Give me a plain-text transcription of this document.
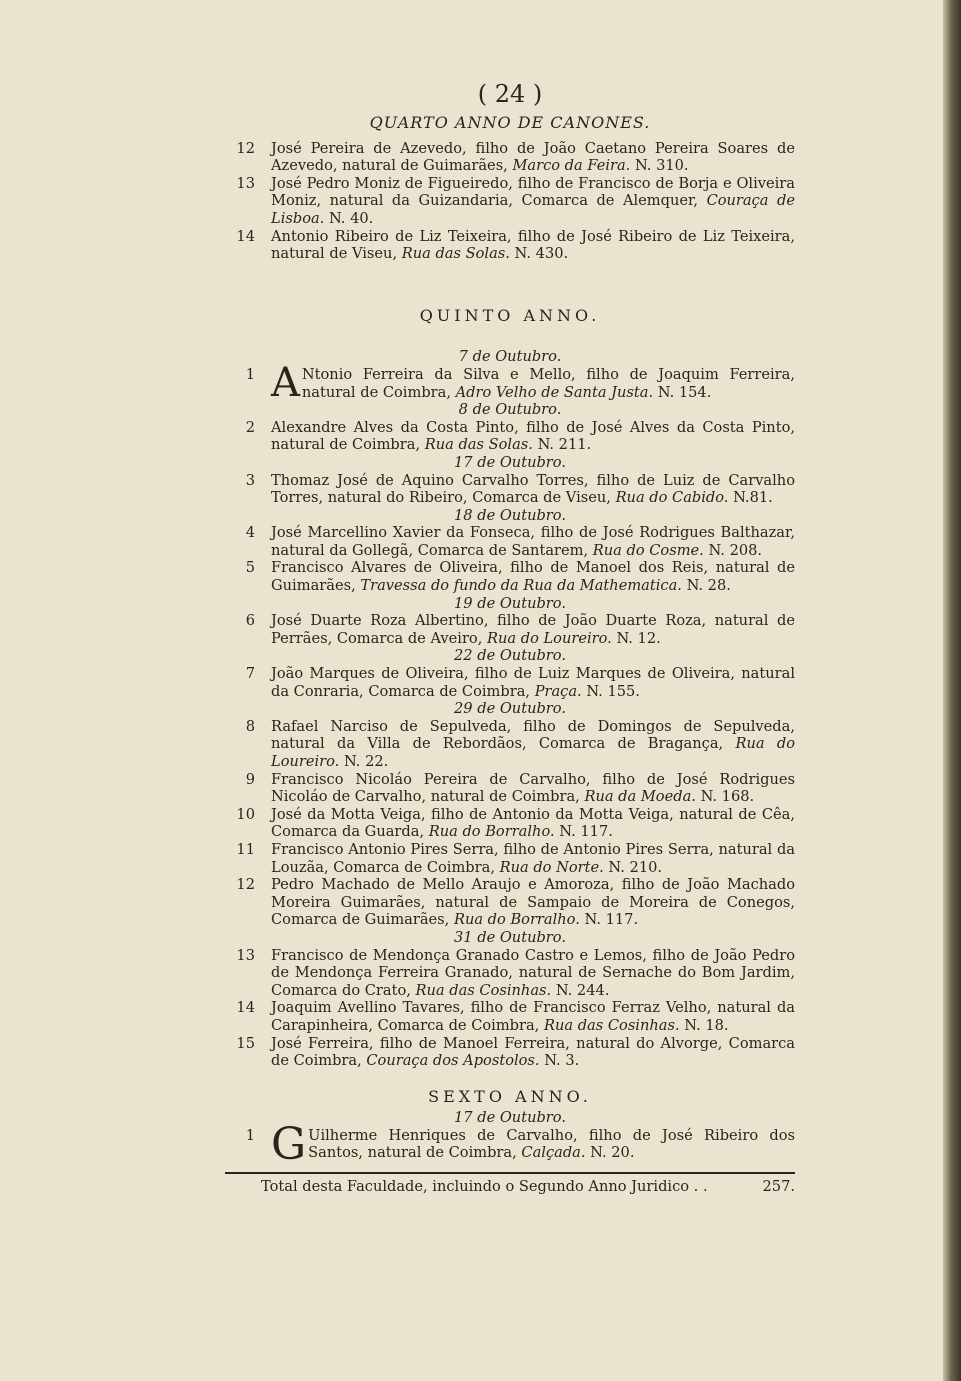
( 24 )
QUARTO ANNO DE CANONES.
12 José Pereira de Azevedo, filho de João Caetano Pereira Soares de Azevedo, natural de Guimarães, Marco da Feira. N. 310.
13 José Pedro Moniz de Figueiredo, filho de Francisco de Borja e Oliveira Moniz, natural da Guizandaria, Comarca de Alemquer, Couraça de Lisboa. N. 40.
14 Antonio Ribeiro de Liz Teixeira, filho de José Ribeiro de Liz Teixeira, natural de Viseu, Rua das Solas. N. 430.
QUINTO ANNO.
7 de Outubro.
1 A Ntonio Ferreira da Silva e Mello, filho de Joaquim Ferreira, natural de Coimbra, Adro Velho de Santa Justa. N. 154.
8 de Outubro.
2 Alexandre Alves da Costa Pinto, filho de José Alves da Costa Pinto, natural de Coimbra, Rua das Solas. N. 211.
17 de Outubro.
3 Thomaz José de Aquino Carvalho Torres, filho de Luiz de Carvalho Torres, natural do Ribeiro, Comarca de Viseu, Rua do Cabido. N.81.
18 de Outubro.
4 José Marcellino Xavier da Fonseca, filho de José Rodrigues Balthazar, natural da Gollegã, Comarca de Santarem, Rua do Cosme. N. 208.
5 Francisco Alvares de Oliveira, filho de Manoel dos Reis, natural de Guimarães, Travessa do fundo da Rua da Mathematica. N. 28.
19 de Outubro.
6 José Duarte Roza Albertino, filho de João Duarte Roza, natural de Perrães, Comarca de Aveiro, Rua do Loureiro. N. 12.
22 de Outubro.
7 João Marques de Oliveira, filho de Luiz Marques de Oliveira, natural da Conraria, Comarca de Coimbra, Praça. N. 155.
29 de Outubro.
8 Rafael Narciso de Sepulveda, filho de Domingos de Sepulveda, natural da Villa de Rebordãos, Comarca de Bragança, Rua do Loureiro. N. 22.
9 Francisco Nicoláo Pereira de Carvalho, filho de José Rodrigues Nicoláo de Carvalho, natural de Coimbra, Rua da Moeda. N. 168.
10 José da Motta Veiga, filho de Antonio da Motta Veiga, natural de Cêa, Comarca da Guarda, Rua do Borralho. N. 117.
11 Francisco Antonio Pires Serra, filho de Antonio Pires Serra, natural da Louzãa, Comarca de Coimbra, Rua do Norte. N. 210.
12 Pedro Machado de Mello Araujo e Amoroza, filho de João Machado Moreira Guimarães, natural de Sampaio de Moreira de Conegos, Comarca de Guimarães, Rua do Borralho. N. 117.
31 de Outubro.
13 Francisco de Mendonça Granado Castro e Lemos, filho de João Pedro de Mendonça Ferreira Granado, natural de Sernache do Bom Jardim, Comarca do Crato, Rua das Cosinhas. N. 244.
14 Joaquim Avellino Tavares, filho de Francisco Ferraz Velho, natural da Carapinheira, Comarca de Coimbra, Rua das Cosinhas. N. 18.
15 José Ferreira, filho de Manoel Ferreira, natural do Alvorge, Comarca de Coimbra, Couraça dos Apostolos. N. 3.
SEXTO ANNO.
17 de Outubro.
1 G Uilherme Henriques de Carvalho, filho de José Ribeiro dos Santos, natural de Coimbra, Calçada. N. 20.
Total desta Faculdade, incluindo o Segundo Anno Juridico . .	257.
